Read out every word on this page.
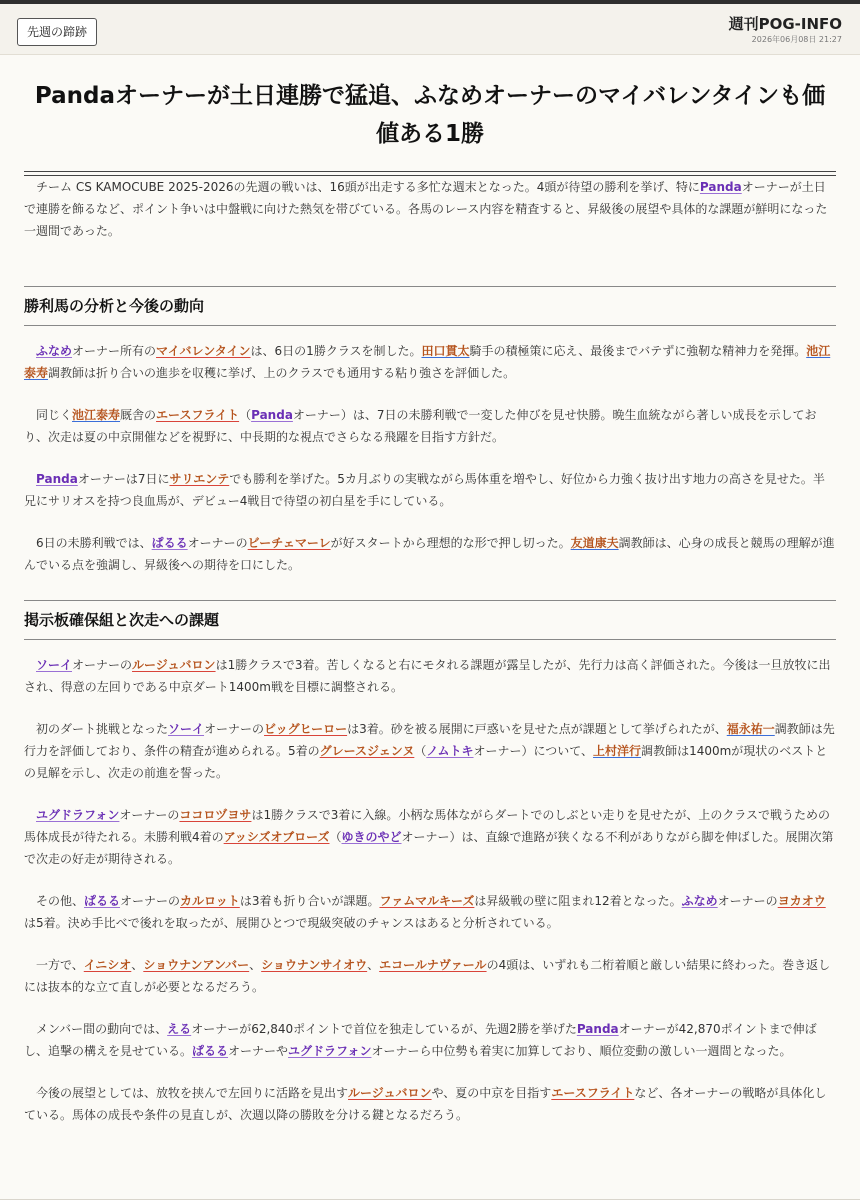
先週の蹄跡	週刊POG-INFO
2026年06月08日 21:27
Pandaオーナーが土日連勝で猛追、ふなめオーナーのマイバレンタインも価値ある1勝

チーム CS KAMOCUBE 2025-2026の先週の戦いは、16頭が出走する多忙な週末となった。4頭が待望の勝利を挙げ、特にPandaオーナーが土日で連勝を飾るなど、ポイント争いは中盤戦に向けた熱気を帯びている。各馬のレース内容を精査すると、昇級後の展望や具体的な課題が鮮明になった一週間であった。

勝利馬の分析と今後の動向

ふなめオーナー所有のマイバレンタインは、6日の1勝クラスを制した。田口貫太騎手の積極策に応え、最後までバテずに強靭な精神力を発揮。池江泰寿調教師は折り合いの進歩を収穫に挙げ、上のクラスでも通用する粘り強さを評価した。

同じく池江泰寿厩舎のエースフライト（Pandaオーナー）は、7日の未勝利戦で一変した伸びを見せ快勝。晩生血統ながら著しい成長を示しており、次走は夏の中京開催などを視野に、中長期的な視点でさらなる飛躍を目指す方針だ。

Pandaオーナーは7日にサリエンテでも勝利を挙げた。5カ月ぶりの実戦ながら馬体重を増やし、好位から力強く抜け出す地力の高さを見せた。半兄にサリオスを持つ良血馬が、デビュー4戦目で待望の初白星を手にしている。

6日の未勝利戦では、ぱるるオーナーのビーチェマーレが好スタートから理想的な形で押し切った。友道康夫調教師は、心身の成長と競馬の理解が進んでいる点を強調し、昇級後への期待を口にした。

掲示板確保組と次走への課題

ソーイオーナーのルージュバロンは1勝クラスで3着。苦しくなると右にモタれる課題が露呈したが、先行力は高く評価された。今後は一旦放牧に出され、得意の左回りである中京ダート1400m戦を目標に調整される。

初のダート挑戦となったソーイオーナーのビッグヒーローは3着。砂を被る展開に戸惑いを見せた点が課題として挙げられたが、福永祐一調教師は先行力を評価しており、条件の精査が進められる。5着のグレースジェンヌ（ノムトキオーナー）について、上村洋行調教師は1400mが現状のベストとの見解を示し、次走の前進を誓った。

ユグドラフォンオーナーのココロヅヨサは1勝クラスで3着に入線。小柄な馬体ながらダートでのしぶとい走りを見せたが、上のクラスで戦うための馬体成長が待たれる。未勝利戦4着のアッシズオブローズ（ゆきのやどオーナー）は、直線で進路が狭くなる不利がありながら脚を伸ばした。展開次第で次走の好走が期待される。

その他、ぱるるオーナーのカルロットは3着も折り合いが課題。ファムマルキーズは昇級戦の壁に阻まれ12着となった。ふなめオーナーのヨカオウは5着。決め手比べで後れを取ったが、展開ひとつで現級突破のチャンスはあると分析されている。

一方で、イニシオ、ショウナンアンバー、ショウナンサイオウ、エコールナヴァールの4頭は、いずれも二桁着順と厳しい結果に終わった。巻き返しには抜本的な立て直しが必要となるだろう。

メンバー間の動向では、えるオーナーが62,840ポイントで首位を独走しているが、先週2勝を挙げたPandaオーナーが42,870ポイントまで伸ばし、追撃の構えを見せている。ぱるるオーナーやユグドラフォンオーナーら中位勢も着実に加算しており、順位変動の激しい一週間となった。

今後の展望としては、放牧を挟んで左回りに活路を見出すルージュバロンや、夏の中京を目指すエースフライトなど、各オーナーの戦略が具体化している。馬体の成長や条件の見直しが、次週以降の勝敗を分ける鍵となるだろう。
